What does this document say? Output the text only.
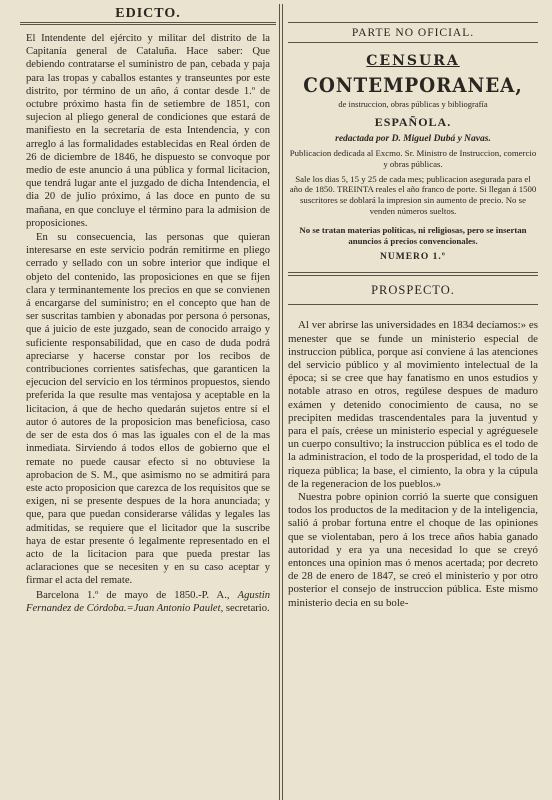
EDICTO.

El Intendente del ejército y militar del distrito de la Capitanía general de Cataluña. Hace saber: Que debiendo contratarse el suministro de pan, cebada y paja para las tropas y caballos estantes y transeuntes por este distrito, por término de un año, á contar desde 1.º de octubre próximo hasta fin de setiembre de 1851, con sujecion al pliego general de condiciones que estará de manifiesto en la secretaría de esta Intendencia, y con arreglo á las formalidades establecidas en Real órden de 26 de diciembre de 1846, he dispuesto se convoque por medio de este anuncio á una pública y formal licitacion, que tendrá lugar ante el juzgado de dicha Intendencia, el dia 20 de julio próximo, á las doce en punto de su mañana, en que concluye el término para la admision de proposiciones.

En su consecuencia, las personas que quieran interesarse en este servicio podrán remitirme en pliego cerrado y sellado con un sobre interior que indique el objeto del contenido, las proposiciones en que se fijen clara y terminantemente los precios en que se convienen á encargarse del suministro; en el concepto que han de ser suscritas tambien y abonadas por persona ó personas, que á juicio de este juzgado, sean de conocido arraigo y suficiente responsabilidad, que en caso de duda podrá apreciarse y hacerse constar por los recibos de contribuciones corrientes satisfechas, que garanticen la ejecucion del servicio en los términos propuestos, siendo preferida la que resulte mas ventajosa y aceptable en la licitacion, á que de hecho quedarán sujetos entre sí el autor ó autores de la proposicion mas beneficiosa, caso de ser de esta dos ó mas las iguales con el de la mas inmediata. Sirviendo á todos ellos de gobierno que el remate no puede causar efecto si no obtuviese la aprobacion de S. M., que asimismo no se admitirá para este acto proposicion que carezca de los requisitos que se exigen, ni se presente despues de la hora anunciada; y que, para que puedan considerarse válidas y legales las admitidas, se requiere que el licitador que la suscribe haya de estar presente ó legalmente representado en el acto de la licitacion para que pueda prestar las aclaraciones que se necesiten y en su caso aceptar y firmar el acta del remate.

Barcelona 1.º de mayo de 1850.-P. A., Agustin Fernandez de Córdoba.=Juan Antonio Paulet, secretario.

PARTE NO OFICIAL.
CENSURA
CONTEMPORANEA,
de instruccion, obras públicas y bibliografía
ESPAÑOLA.
redactada por D. Miguel Dubá y Navas.
Publicacion dedicada al Excmo. Sr. Ministro de Instruccion, comercio y obras públicas.
Sale los dias 5, 15 y 25 de cada mes; publicacion asegurada para el año de 1850. TREINTA reales el año franco de porte. Si llegan á 1500 suscritores se doblará la impresion sin aumento de precio. No se venden números sueltos.
No se tratan materias políticas, ni religiosas, pero se insertan anuncios á precios convencionales.
NUMERO 1.º
PROSPECTO.

Al ver abrirse las universidades en 1834 decíamos:» es menester que se funde un ministerio especial de instruccion pública, porque así conviene á las atenciones del servicio público y al movimiento intelectual de la época; si se cree que hay fanatismo en unos estudios y notable atraso en otros, regúlese despues de maduro exámen y detenido conocimiento de causa, no se precipiten medidas trascendentales para la juventud y para el país, créese un ministerio especial y agréguesele un cuerpo consultivo; la instruccion pública es el todo de la administracion, el todo de la prosperidad, el todo de la riqueza pública; la base, el cimiento, la obra y la cúpula de la regeneracion de los pueblos.»

Nuestra pobre opinion corrió la suerte que consiguen todos los productos de la meditacion y de la inteligencia, salió á probar fortuna entre el choque de las opiniones que se violentaban, pero á los trece años habia ganado autoridad y era ya una necesidad lo que se creyó entonces una opinion mas ó menos acertada; por decreto de 28 de enero de 1847, se creó el ministerio y por otro posterior el consejo de instruccion pública. Este mismo ministerio decia en su bole-
